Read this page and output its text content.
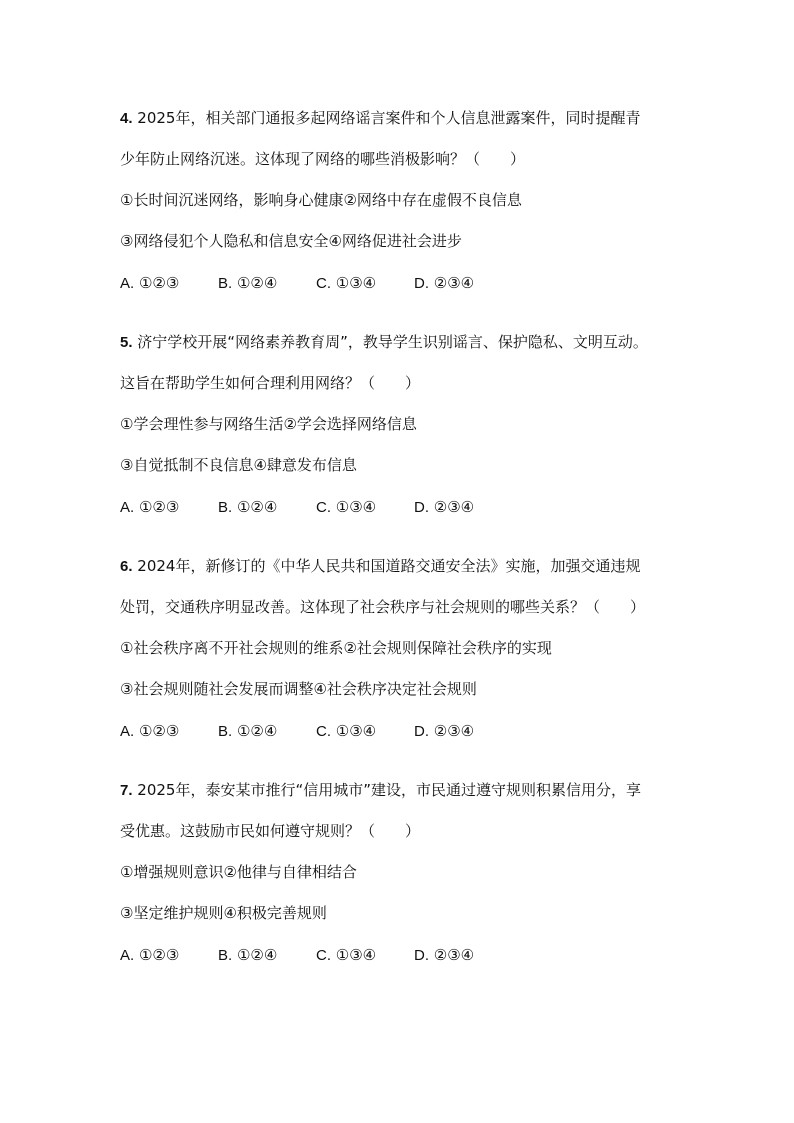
4. 2025年，相关部门通报多起网络谣言案件和个人信息泄露案件，同时提醒青
少年防止网络沉迷。这体现了网络的哪些消极影响？（　　）
①长时间沉迷网络，影响身心健康②网络中存在虚假不良信息
③网络侵犯个人隐私和信息安全④网络促进社会进步
A. ①②③	B. ①②④	C. ①③④	D. ②③④
5. 济宁学校开展“网络素养教育周”，教导学生识别谣言、保护隐私、文明互动。
这旨在帮助学生如何合理利用网络？（　　）
①学会理性参与网络生活②学会选择网络信息
③自觉抵制不良信息④肆意发布信息
A. ①②③	B. ①②④	C. ①③④	D. ②③④
6. 2024年，新修订的《中华人民共和国道路交通安全法》实施，加强交通违规
处罚，交通秩序明显改善。这体现了社会秩序与社会规则的哪些关系？（　　）
①社会秩序离不开社会规则的维系②社会规则保障社会秩序的实现
③社会规则随社会发展而调整④社会秩序决定社会规则
A. ①②③	B. ①②④	C. ①③④	D. ②③④
7. 2025年，泰安某市推行“信用城市”建设，市民通过遵守规则积累信用分，享
受优惠。这鼓励市民如何遵守规则？（　　）
①增强规则意识②他律与自律相结合
③坚定维护规则④积极完善规则
A. ①②③	B. ①②④	C. ①③④	D. ②③④
